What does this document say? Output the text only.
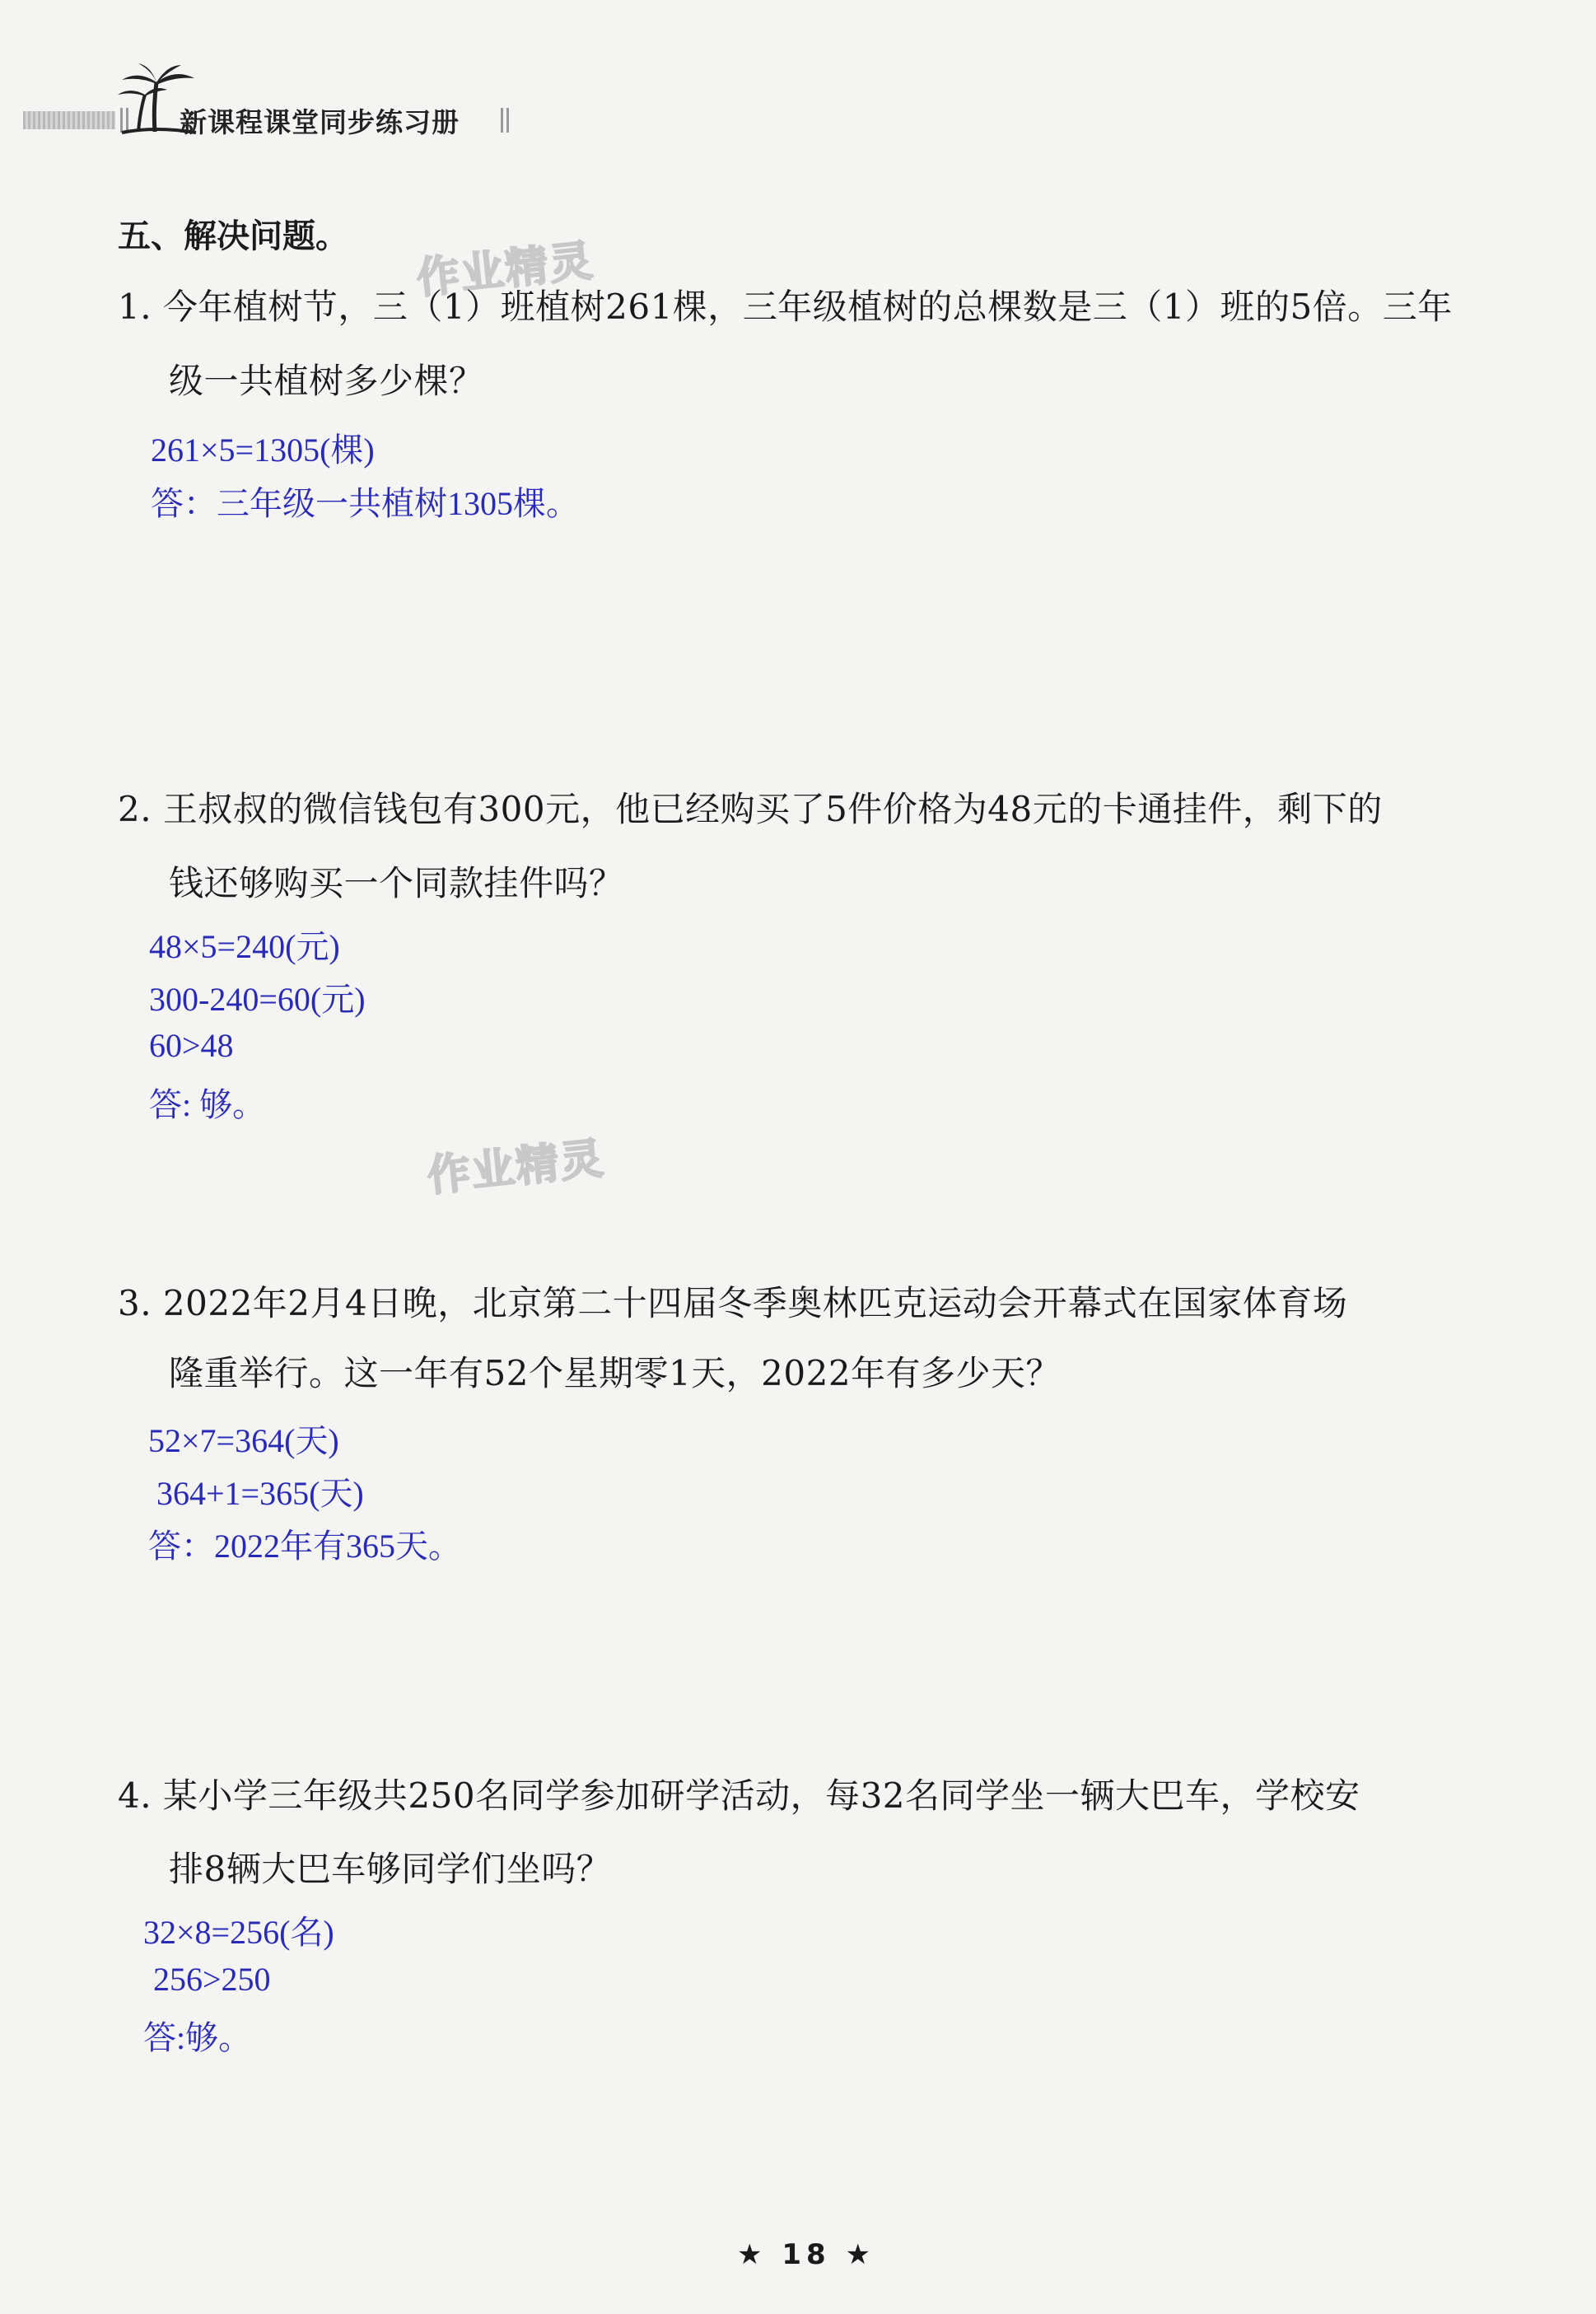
新课程课堂同步练习册
五、解决问题。 作业精灵
作业精灵
1. 今年植树节，三（1）班植树261棵，三年级植树的总棵数是三（1）班的5倍。三年
级一共植树多少棵？
261×5=1305(棵)
答：三年级一共植树1305棵。
2. 王叔叔的微信钱包有300元，他已经购买了5件价格为48元的卡通挂件，剩下的
钱还够购买一个同款挂件吗？
48×5=240(元)
300-240=60(元)
60>48
答: 够。
3. 2022年2月4日晚，北京第二十四届冬季奥林匹克运动会开幕式在国家体育场
隆重举行。这一年有52个星期零1天，2022年有多少天？
52×7=364(天)
364+1=365(天)
答：2022年有365天。
4. 某小学三年级共250名同学参加研学活动，每32名同学坐一辆大巴车，学校安
排8辆大巴车够同学们坐吗？
32×8=256(名)
256>250
答:够。
★ 18 ★
